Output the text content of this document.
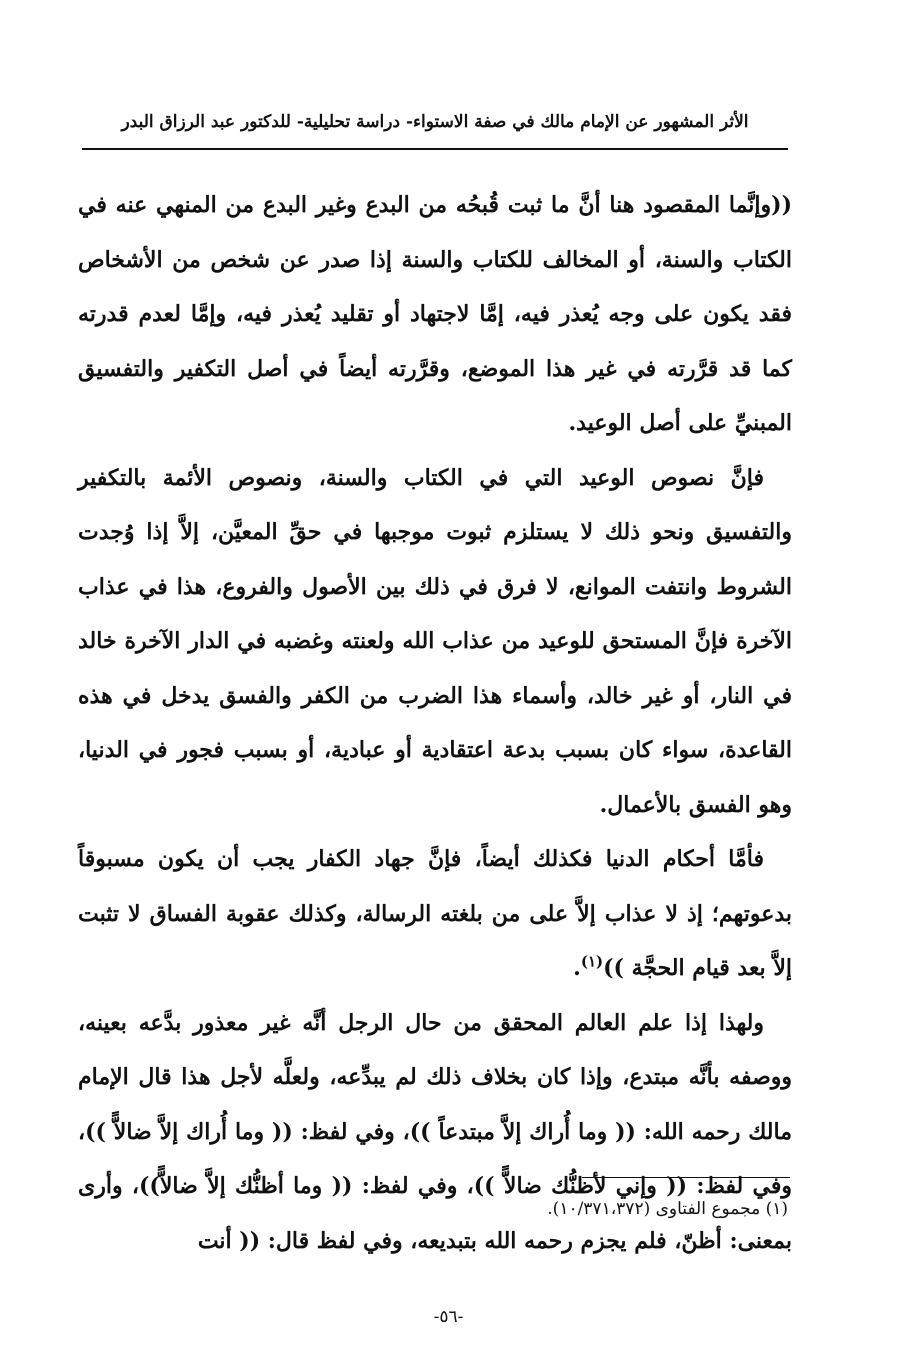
الأثر المشهور عن الإمام مالك في صفة الاستواء- دراسة تحليلية- للدكتور عبد الرزاق البدر

((وإنَّما المقصود هنا أنَّ ما ثبت قُبحُه من البدع وغير البدع من المنهي عنه في الكتاب والسنة، أو المخالف للكتاب والسنة إذا صدر عن شخص من الأشخاص فقد يكون على وجه يُعذر فيه، إمَّا لاجتهاد أو تقليد يُعذر فيه، وإمَّا لعدم قدرته كما قد قرَّرته في غير هذا الموضع، وقرَّرته أيضاً في أصل التكفير والتفسيق المبنيِّ على أصل الوعيد.

فإنَّ نصوص الوعيد التي في الكتاب والسنة، ونصوص الأئمة بالتكفير والتفسيق ونحو ذلك لا يستلزم ثبوت موجبها في حقِّ المعيَّن، إلاَّ إذا وُجدت الشروط وانتفت الموانع، لا فرق في ذلك بين الأصول والفروع، هذا في عذاب الآخرة فإنَّ المستحق للوعيد من عذاب الله ولعنته وغضبه في الدار الآخرة خالد في النار، أو غير خالد، وأسماء هذا الضرب من الكفر والفسق يدخل في هذه القاعدة، سواء كان بسبب بدعة اعتقادية أو عبادية، أو بسبب فجور في الدنيا، وهو الفسق بالأعمال.

فأمَّا أحكام الدنيا فكذلك أيضاً، فإنَّ جهاد الكفار يجب أن يكون مسبوقاً بدعوتهم؛ إذ لا عذاب إلاَّ على من بلغته الرسالة، وكذلك عقوبة الفساق لا تثبت إلاَّ بعد قيام الحجَّة ))$^{(١)}$.

ولهذا إذا علم العالم المحقق من حال الرجل أنَّه غير معذور بدَّعه بعينه، ووصفه بأنَّه مبتدع، وإذا كان بخلاف ذلك لم يبدِّعه، ولعلَّه لأجل هذا قال الإمام مالك رحمه الله: (( وما أُراك إلاَّ مبتدعاً ))، وفي لفظ: (( وما أُراك إلاَّ ضالاًّ ))، وفي لفظ: (( وإني لأظنُّك ضالاًّ ))، وفي لفظ: (( وما أظنُّك إلاَّ ضالاًّ))، وأرى بمعنى: أظنّ، فلم يجزم رحمه الله بتبديعه، وفي لفظ قال: (( أنت

(١) مجموع الفتاوى (١٠/٣٧١،٣٧٢).
-٥٦-
